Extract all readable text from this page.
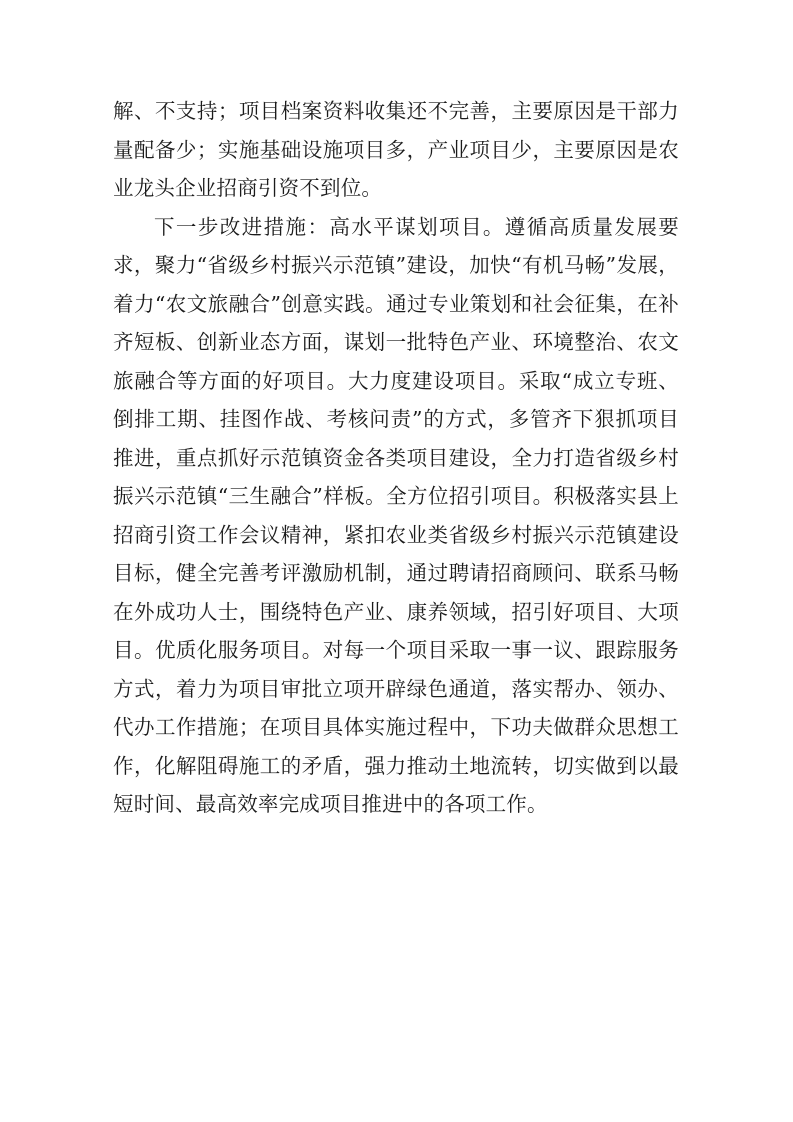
解、不支持；项目档案资料收集还不完善，主要原因是干部力量配备少；实施基础设施项目多，产业项目少，主要原因是农业龙头企业招商引资不到位。

下一步改进措施：高水平谋划项目。遵循高质量发展要求，聚力“省级乡村振兴示范镇”建设，加快“有机马畅”发展，着力“农文旅融合”创意实践。通过专业策划和社会征集，在补齐短板、创新业态方面，谋划一批特色产业、环境整治、农文旅融合等方面的好项目。大力度建设项目。采取“成立专班、倒排工期、挂图作战、考核问责”的方式，多管齐下狠抓项目推进，重点抓好示范镇资金各类项目建设，全力打造省级乡村振兴示范镇“三生融合”样板。全方位招引项目。积极落实县上招商引资工作会议精神，紧扣农业类省级乡村振兴示范镇建设目标，健全完善考评激励机制，通过聘请招商顾问、联系马畅在外成功人士，围绕特色产业、康养领域，招引好项目、大项目。优质化服务项目。对每一个项目采取一事一议、跟踪服务方式，着力为项目审批立项开辟绿色通道，落实帮办、领办、代办工作措施；在项目具体实施过程中，下功夫做群众思想工作，化解阻碍施工的矛盾，强力推动土地流转，切实做到以最短时间、最高效率完成项目推进中的各项工作。
